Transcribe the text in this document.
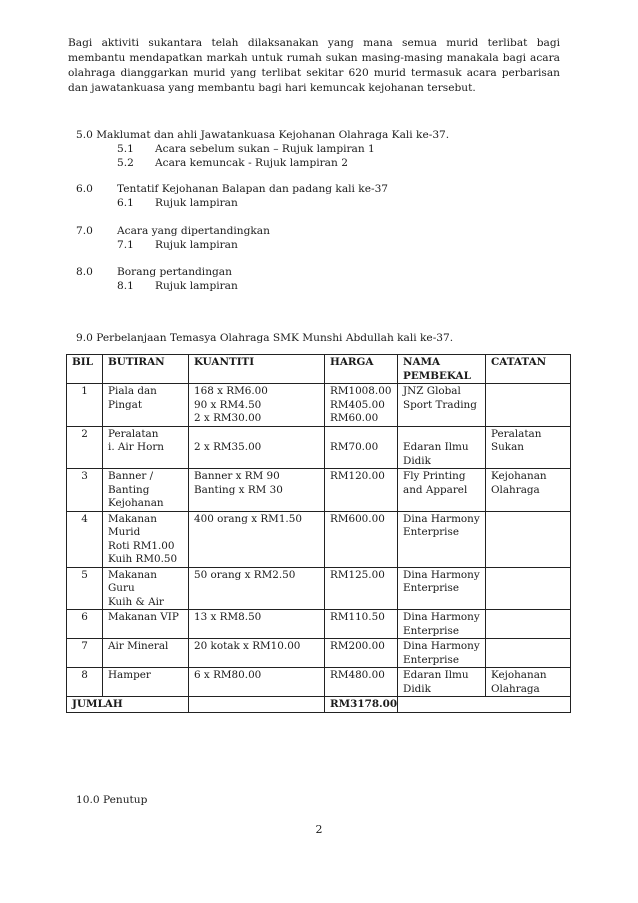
Bagi aktiviti sukantara telah dilaksanakan yang mana semua murid terlibat bagi membantu mendapatkan markah untuk rumah sukan masing-masing manakala bagi acara olahraga dianggarkan murid yang terlibat sekitar 620 murid termasuk acara perbarisan dan jawatankuasa yang membantu bagi hari kemuncak kejohanan tersebut.

5.0 Maklumat dan ahli Jawatankuasa Kejohanan Olahraga Kali ke-37.
5.1 Acara sebelum sukan – Rujuk lampiran 1
5.2 Acara kemuncak - Rujuk lampiran 2
6.0 Tentatif Kejohanan Balapan dan padang kali ke-37
6.1 Rujuk lampiran
7.0 Acara yang dipertandingkan
7.1 Rujuk lampiran
8.0 Borang pertandingan
8.1 Rujuk lampiran
9.0 Perbelanjaan Temasya Olahraga SMK Munshi Abdullah kali ke-37.
BIL	BUTIRAN	KUANTITI	HARGA	NAMA PEMBEKAL	CATATAN
1	Piala dan
Pingat	168 x RM6.00
90 x RM4.50
2 x RM30.00	RM1008.00
RM405.00
RM60.00	JNZ Global
Sport Trading	

2	Peralatan
i. Air Horn	2 x RM35.00	RM70.00	Edaran Ilmu
Didik	Peralatan
Sukan

3	Banner /
Banting
Kejohanan	Banner x RM 90
Banting x RM 30	RM120.00	Fly Printing
and Apparel	Kejohanan
Olahraga

4	Makanan
Murid
Roti RM1.00
Kuih RM0.50	400 orang x RM1.50	RM600.00	Dina Harmony
Enterprise	

5	Makanan Guru
Kuih & Air	50 orang x RM2.50	RM125.00	Dina Harmony
Enterprise	

6	Makanan VIP	13 x RM8.50	RM110.50	Dina Harmony
Enterprise	

7	Air Mineral	20 kotak x RM10.00	RM200.00	Dina Harmony
Enterprise	

8	Hamper	6 x RM80.00	RM480.00	Edaran Ilmu
Didik	Kejohanan
Olahraga

JUMLAH			RM3178.00		
10.0 Penutup
2
